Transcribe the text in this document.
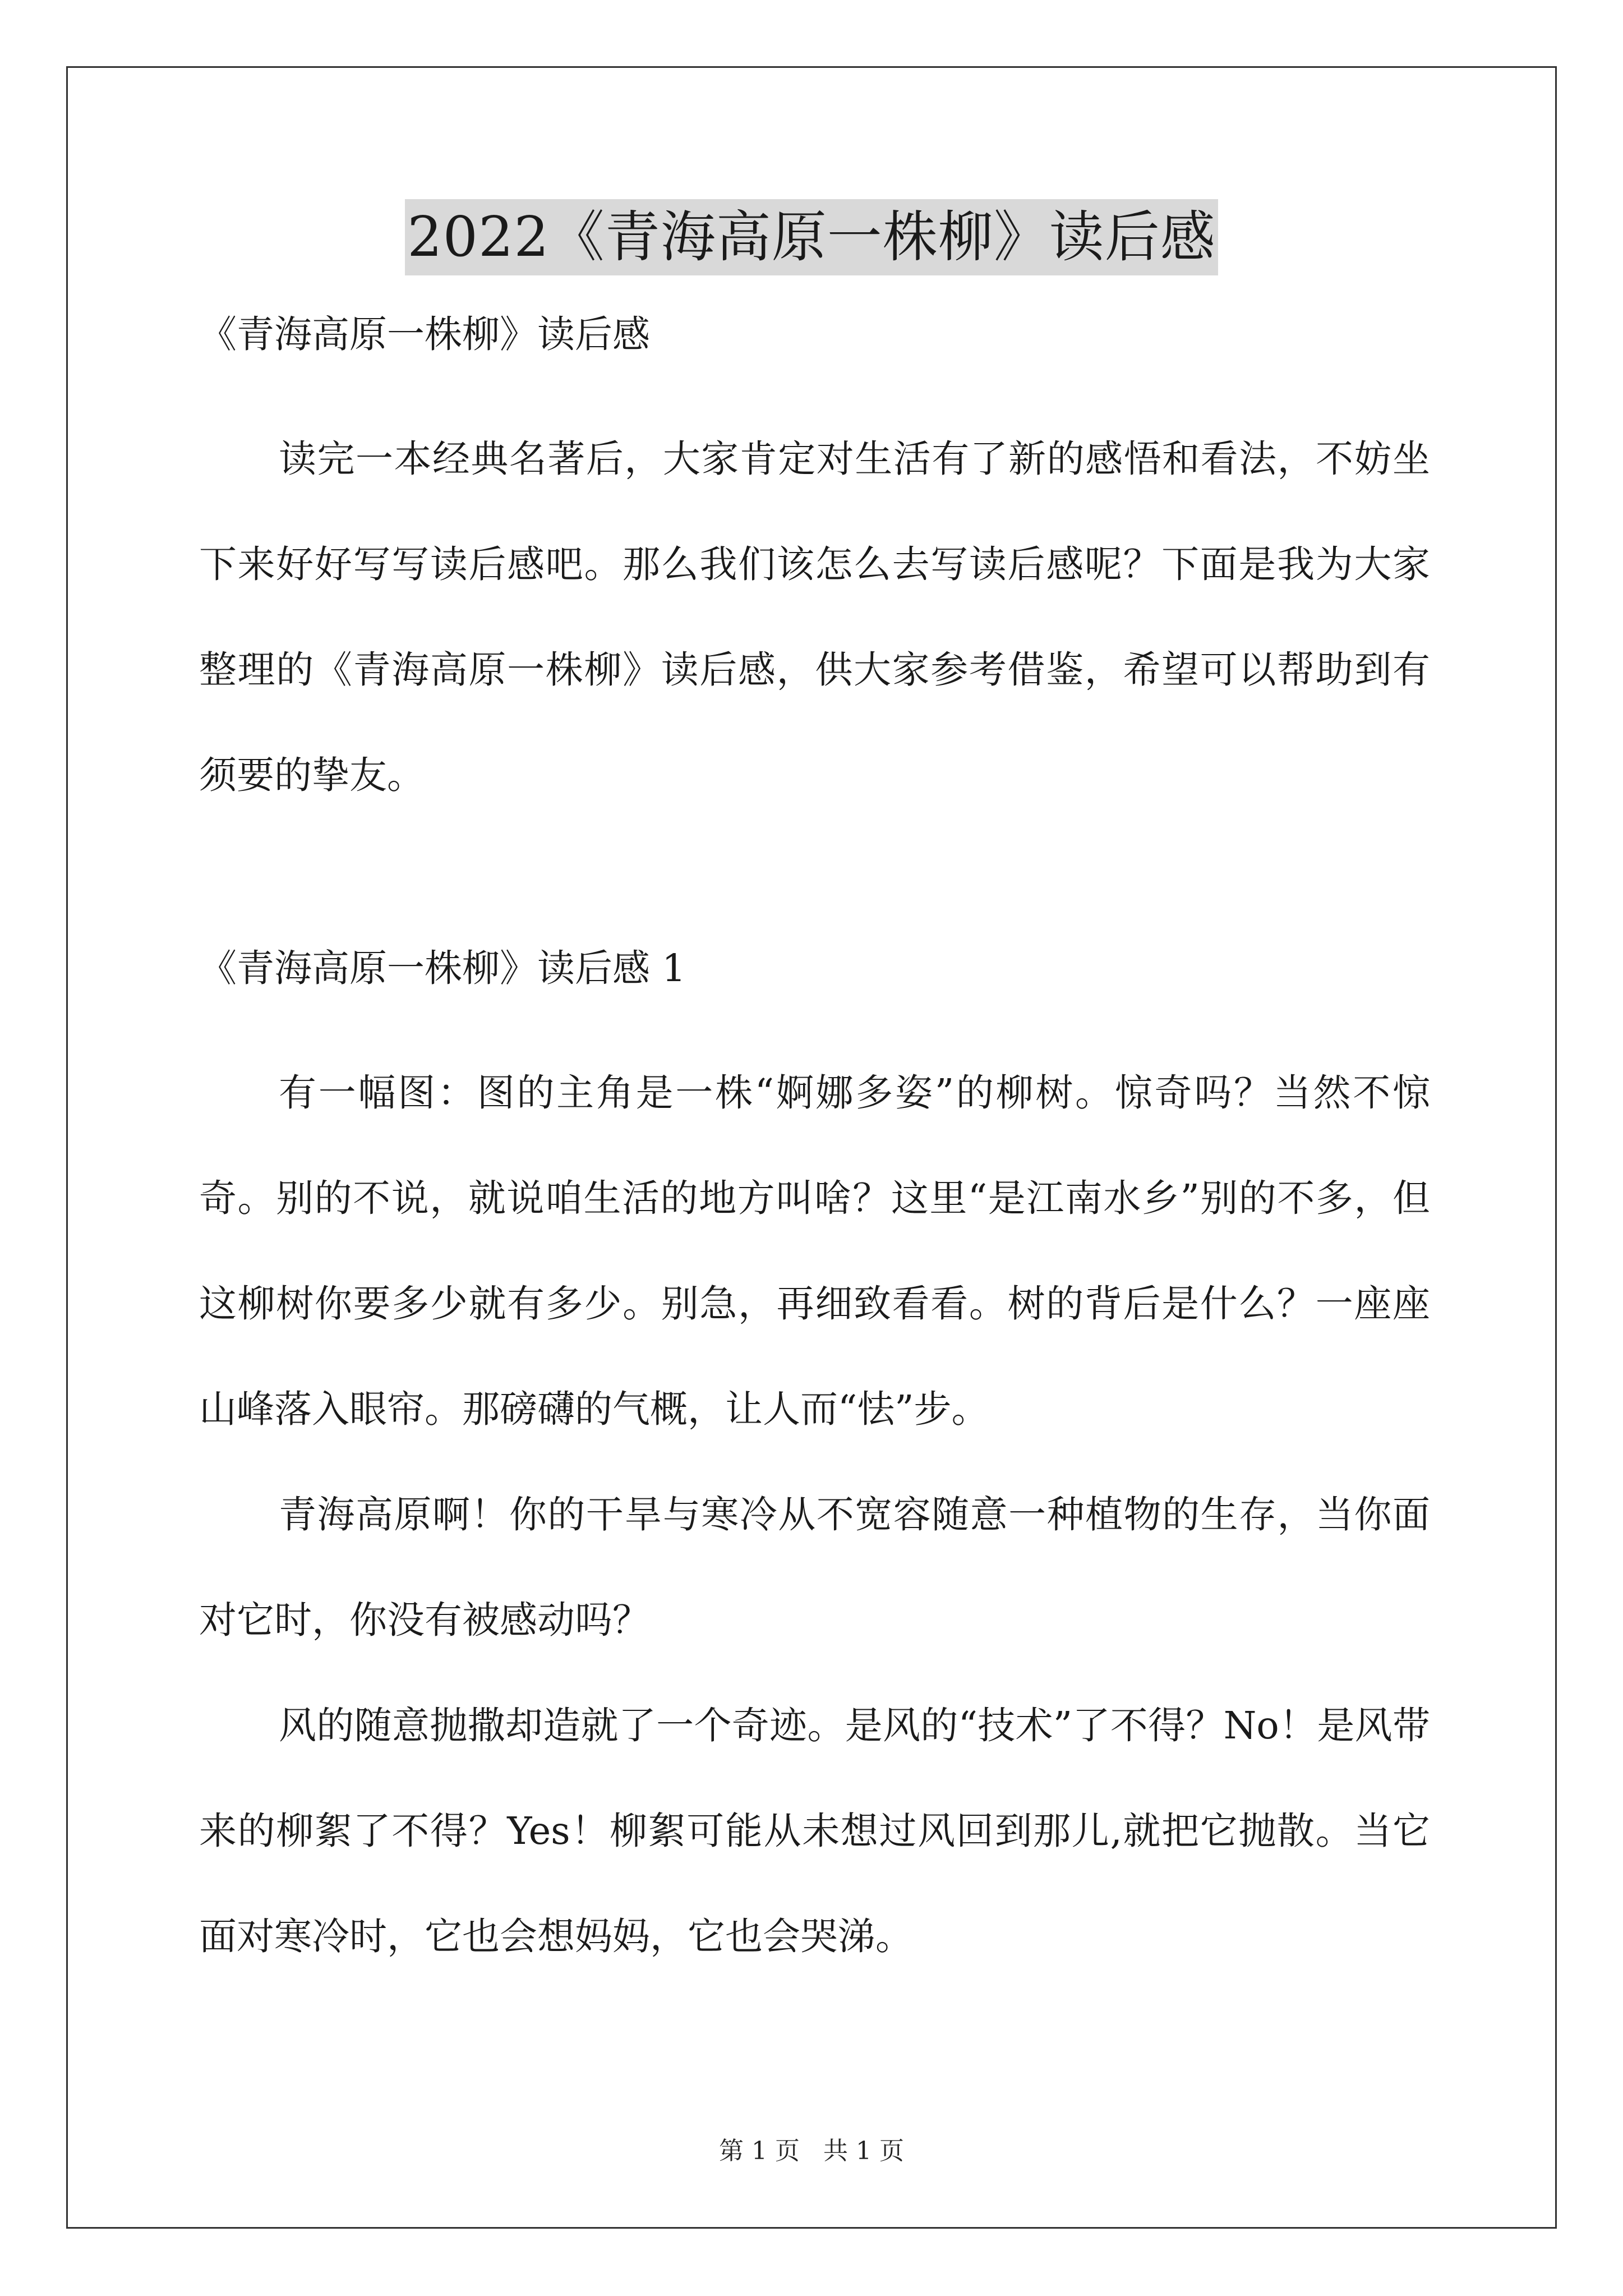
2022《青海高原一株柳》读后感

《青海高原一株柳》读后感

读完一本经典名著后，大家肯定对生活有了新的感悟和看法，不妨坐下来好好写写读后感吧。那么我们该怎么去写读后感呢？下面是我为大家整理的《青海高原一株柳》读后感，供大家参考借鉴，希望可以帮助到有须要的挚友。

《青海高原一株柳》读后感 1

有一幅图：图的主角是一株“婀娜多姿”的柳树。惊奇吗？当然不惊奇。别的不说，就说咱生活的地方叫啥？这里“是江南水乡”别的不多，但这柳树你要多少就有多少。别急，再细致看看。树的背后是什么？一座座山峰落入眼帘。那磅礴的气概，让人而“怯”步。

青海高原啊！你的干旱与寒冷从不宽容随意一种植物的生存，当你面对它时，你没有被感动吗？

风的随意抛撒却造就了一个奇迹。是风的“技术”了不得？No！是风带来的柳絮了不得？Yes！柳絮可能从未想过风回到那儿,就把它抛散。当它面对寒冷时，它也会想妈妈，它也会哭涕。

第 1 页 共 1 页
